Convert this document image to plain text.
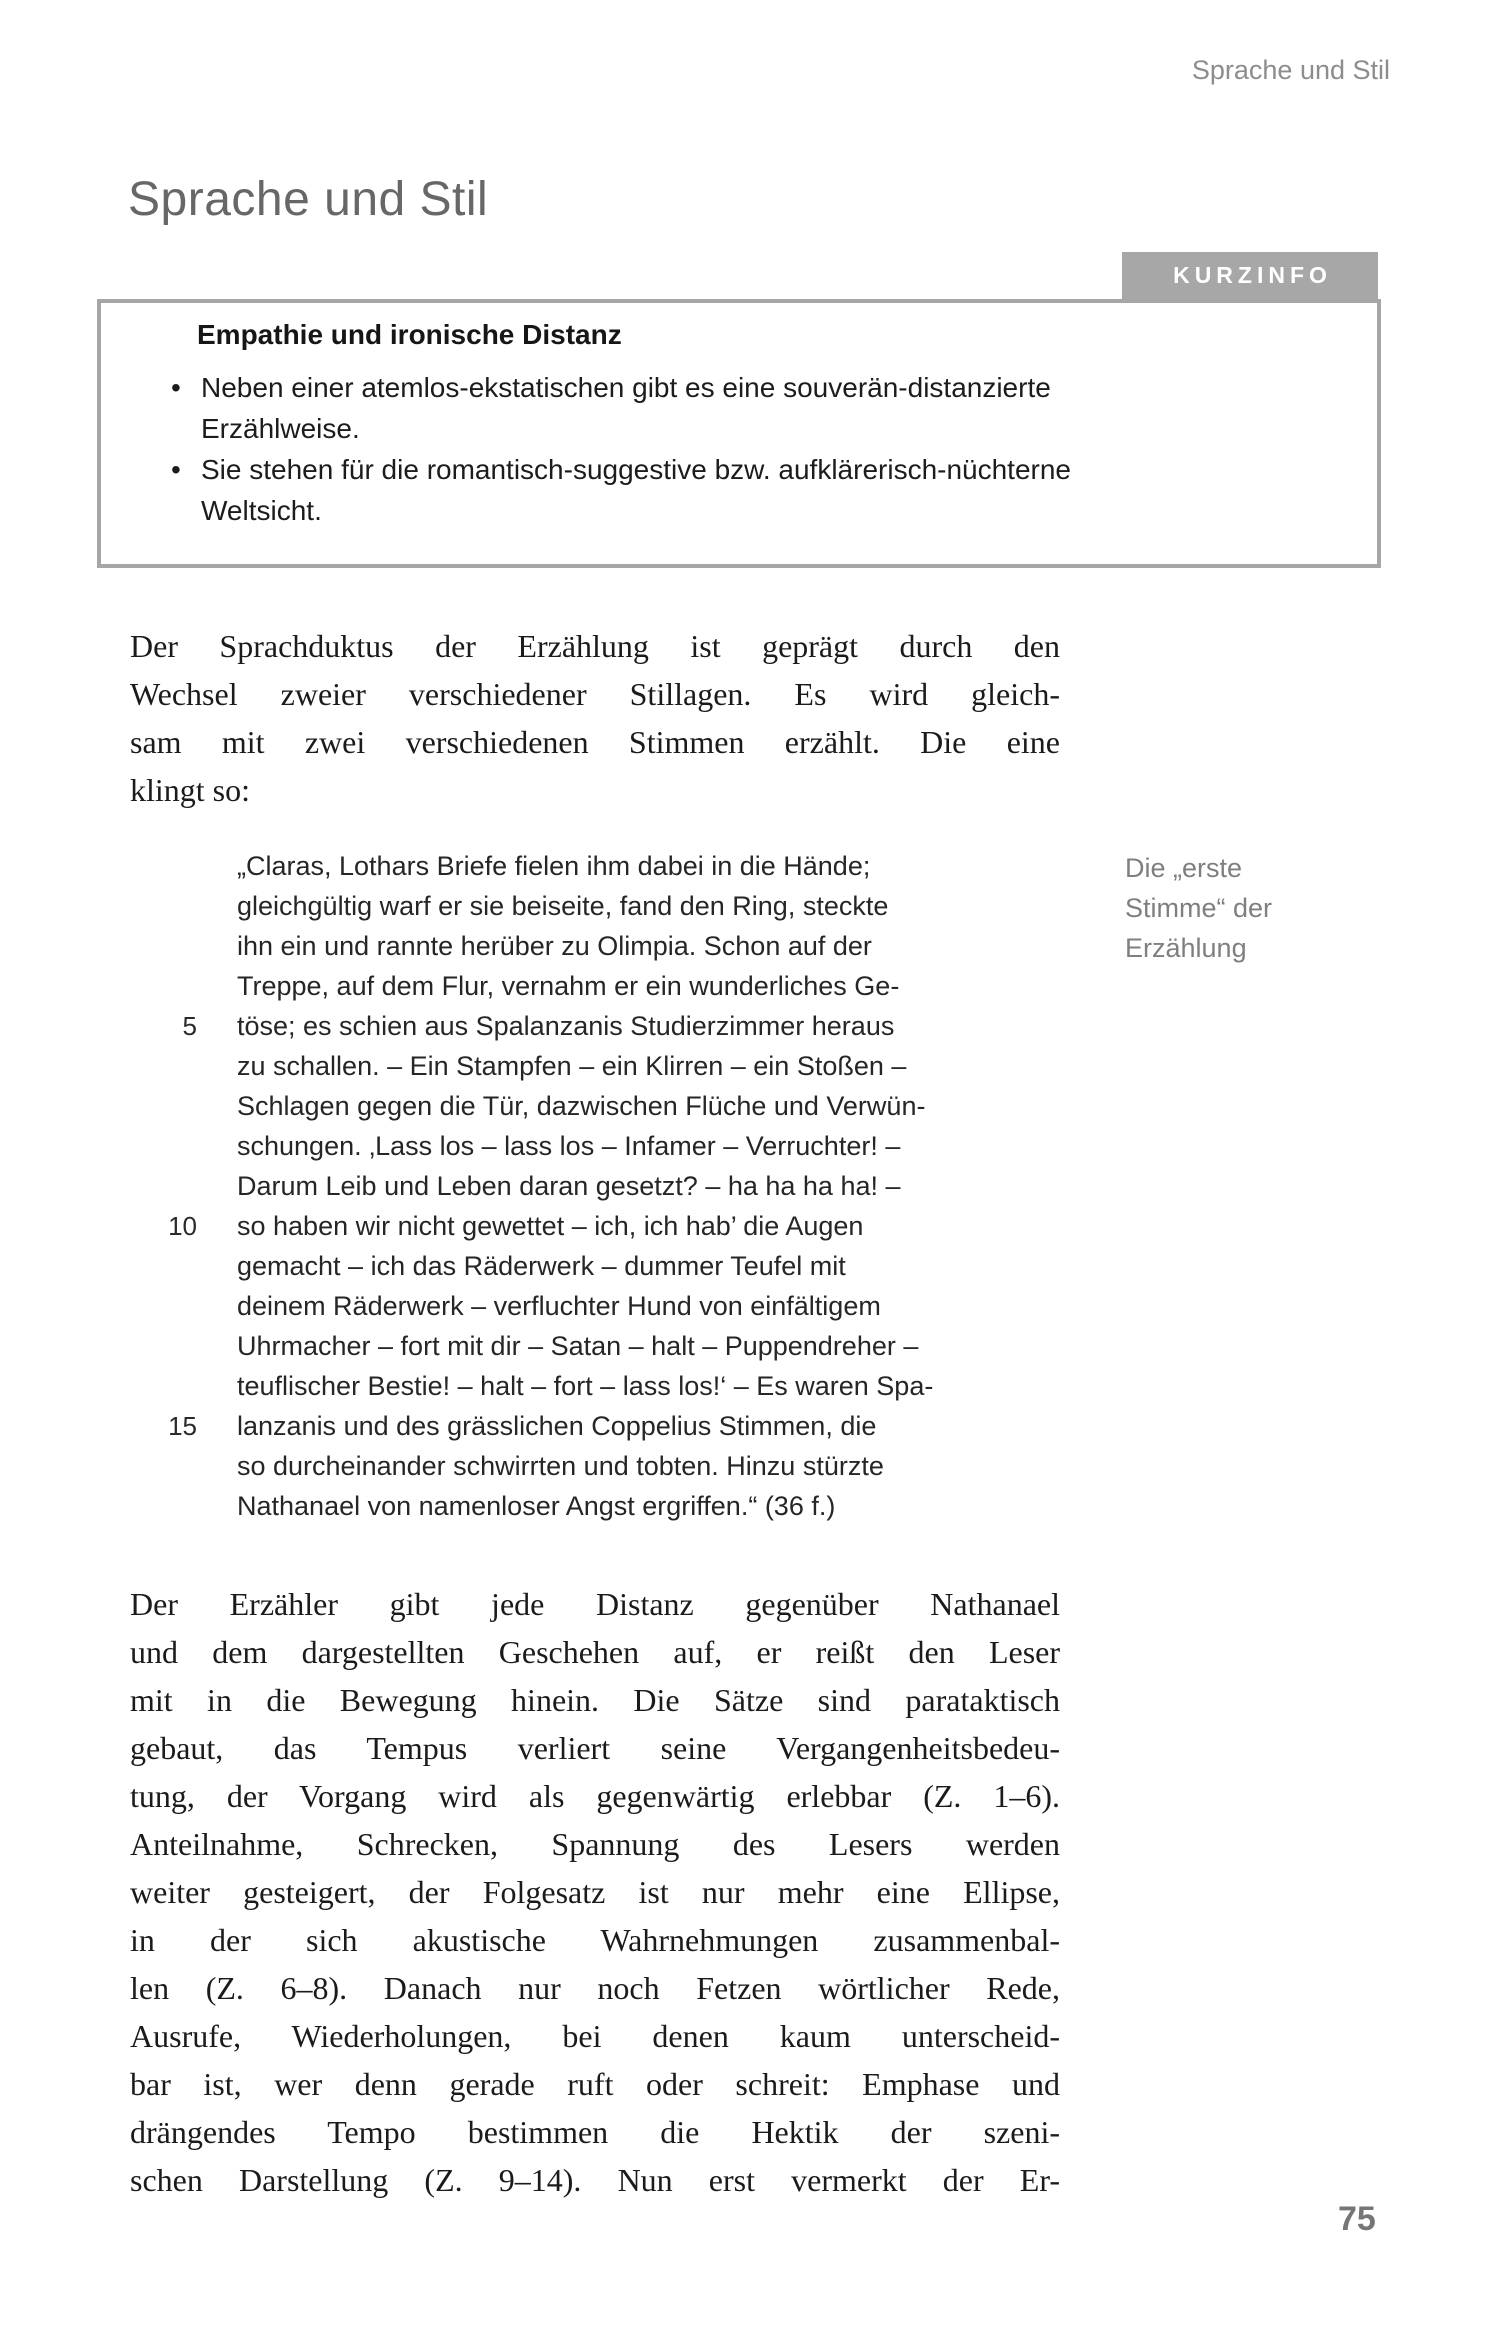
Sprache und Stil
Sprache und Stil
KURZINFO
Empathie und ironische Distanz
• Neben einer atemlos-ekstatischen gibt es eine souverän-distanzierte
Erzählweise.
• Sie stehen für die romantisch-suggestive bzw. aufklärerisch-nüchterne
Weltsicht.
Der Sprachduktus der Erzählung ist geprägt durch den
Wechsel zweier verschiedener Stillagen. Es wird gleich-
sam mit zwei verschiedenen Stimmen erzählt. Die eine
klingt so:
„Claras, Lothars Briefe fielen ihm dabei in die Hände;
gleichgültig warf er sie beiseite, fand den Ring, steckte
ihn ein und rannte herüber zu Olimpia. Schon auf der
Treppe, auf dem Flur, vernahm er ein wunderliches Ge-
5 töse; es schien aus Spalanzanis Studierzimmer heraus
zu schallen. – Ein Stampfen – ein Klirren – ein Stoßen –
Schlagen gegen die Tür, dazwischen Flüche und Verwün-
schungen. ‚Lass los – lass los – Infamer – Verruchter! –
Darum Leib und Leben daran gesetzt? – ha ha ha ha! –
10 so haben wir nicht gewettet – ich, ich hab’ die Augen
gemacht – ich das Räderwerk – dummer Teufel mit
deinem Räderwerk – verfluchter Hund von einfältigem
Uhrmacher – fort mit dir – Satan – halt – Puppendreher –
teuflischer Bestie! – halt – fort – lass los!‘ – Es waren Spa-
15 lanzanis und des grässlichen Coppelius Stimmen, die
so durcheinander schwirrten und tobten. Hinzu stürzte
Nathanael von namenloser Angst ergriffen.“ (36 f.)
Die „erste
Stimme“ der
Erzählung
Der Erzähler gibt jede Distanz gegenüber Nathanael
und dem dargestellten Geschehen auf, er reißt den Leser
mit in die Bewegung hinein. Die Sätze sind parataktisch
gebaut, das Tempus verliert seine Vergangenheitsbedeu-
tung, der Vorgang wird als gegenwärtig erlebbar (Z. 1–6).
Anteilnahme, Schrecken, Spannung des Lesers werden
weiter gesteigert, der Folgesatz ist nur mehr eine Ellipse,
in der sich akustische Wahrnehmungen zusammenbal-
len (Z. 6–8). Danach nur noch Fetzen wörtlicher Rede,
Ausrufe, Wiederholungen, bei denen kaum unterscheid-
bar ist, wer denn gerade ruft oder schreit: Emphase und
drängendes Tempo bestimmen die Hektik der szeni-
schen Darstellung (Z. 9–14). Nun erst vermerkt der Er-
75
